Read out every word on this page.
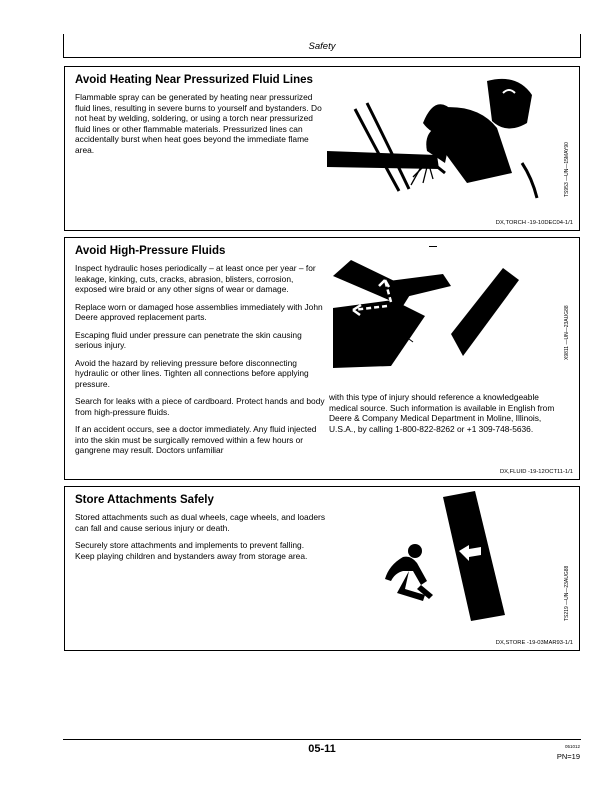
Safety
Avoid Heating Near Pressurized Fluid Lines

Flammable spray can be generated by heating near pressurized fluid lines, resulting in severe burns to yourself and bystanders. Do not heat by welding, soldering, or using a torch near pressurized fluid lines or other flammable materials. Pressurized lines can accidentally burst when heat goes beyond the immediate flame area.	TS953 —UN—15MAY90
DX,TORCH -19-10DEC04-1/1
Avoid High-Pressure Fluids

Inspect hydraulic hoses periodically – at least once per year – for leakage, kinking, cuts, cracks, abrasion, blisters, corrosion, exposed wire braid or any other signs of wear or damage.

Replace worn or damaged hose assemblies immediately with John Deere approved replacement parts.

Escaping fluid under pressure can penetrate the skin causing serious injury.

Avoid the hazard by relieving pressure before disconnecting hydraulic or other lines. Tighten all connections before applying pressure.

Search for leaks with a piece of cardboard. Protect hands and body from high-pressure fluids.

If an accident occurs, see a doctor immediately. Any fluid injected into the skin must be surgically removed within a few hours or gangrene may result. Doctors unfamiliar

X9811 —UN—23AUG88
with this type of injury should reference a knowledgeable medical source. Such information is available in English from Deere & Company Medical Department in Moline, Illinois, U.S.A., by calling 1-800-822-8262 or +1 309-748-5636.
DX,FLUID -19-12OCT11-1/1
Store Attachments Safely

Stored attachments such as dual wheels, cage wheels, and loaders can fall and cause serious injury or death.

Securely store attachments and implements to prevent falling. Keep playing children and bystanders away from storage area.

TS219 —UN—23AUG88
DX,STORE -19-03MAR93-1/1
05-11	051012
PN=19
